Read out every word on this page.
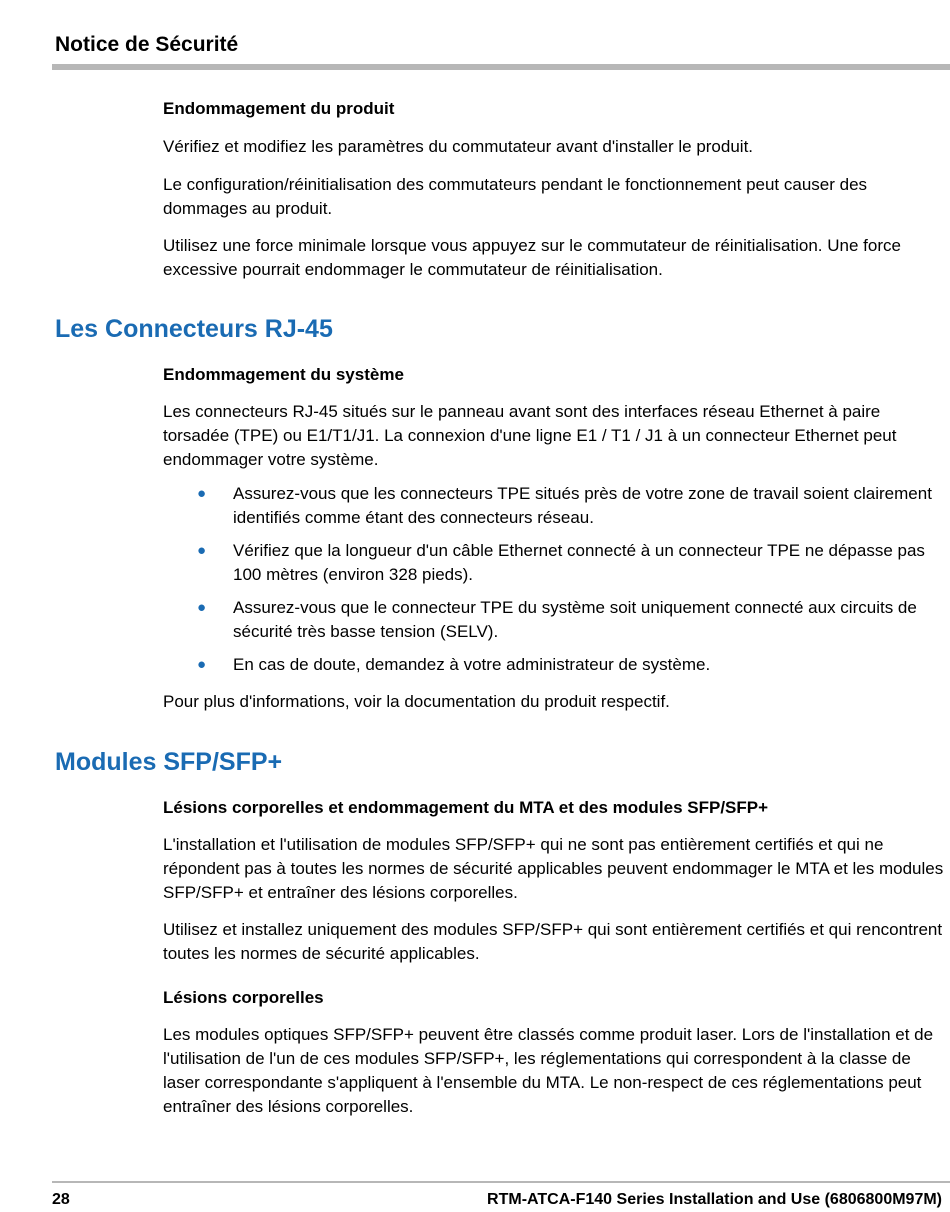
Notice de Sécurité
Endommagement du produit
Vérifiez et modifiez les paramètres du commutateur avant d'installer le produit.
Le configuration/réinitialisation des commutateurs pendant le fonctionnement peut causer des dommages au produit.
Utilisez une force minimale lorsque vous appuyez sur le commutateur de réinitialisation. Une force excessive pourrait endommager le commutateur de réinitialisation.
Les Connecteurs RJ-45
Endommagement du système
Les connecteurs RJ-45 situés sur le panneau avant sont des interfaces réseau Ethernet à paire torsadée (TPE) ou E1/T1/J1. La connexion d'une ligne E1 / T1 / J1 à un connecteur Ethernet peut endommager votre système.
● Assurez-vous que les connecteurs TPE situés près de votre zone de travail soient clairement identifiés comme étant des connecteurs réseau.
● Vérifiez que la longueur d'un câble Ethernet connecté à un connecteur TPE ne dépasse pas 100 mètres (environ 328 pieds).
● Assurez-vous que le connecteur TPE du système soit uniquement connecté aux circuits de sécurité très basse tension (SELV).
● En cas de doute, demandez à votre administrateur de système.
Pour plus d'informations, voir la documentation du produit respectif.
Modules SFP/SFP+
Lésions corporelles et endommagement du MTA et des modules SFP/SFP+
L'installation et l'utilisation de modules SFP/SFP+ qui ne sont pas entièrement certifiés et qui ne répondent pas à toutes les normes de sécurité applicables peuvent endommager le MTA et les modules SFP/SFP+ et entraîner des lésions corporelles.
Utilisez et installez uniquement des modules SFP/SFP+ qui sont entièrement certifiés et qui rencontrent toutes les normes de sécurité applicables.
Lésions corporelles
Les modules optiques SFP/SFP+ peuvent être classés comme produit laser. Lors de l'installation et de l'utilisation de l'un de ces modules SFP/SFP+, les réglementations qui correspondent à la classe de laser correspondante s'appliquent à l'ensemble du MTA. Le non-respect de ces réglementations peut entraîner des lésions corporelles.
28	RTM-ATCA-F140 Series Installation and Use (6806800M97M)
